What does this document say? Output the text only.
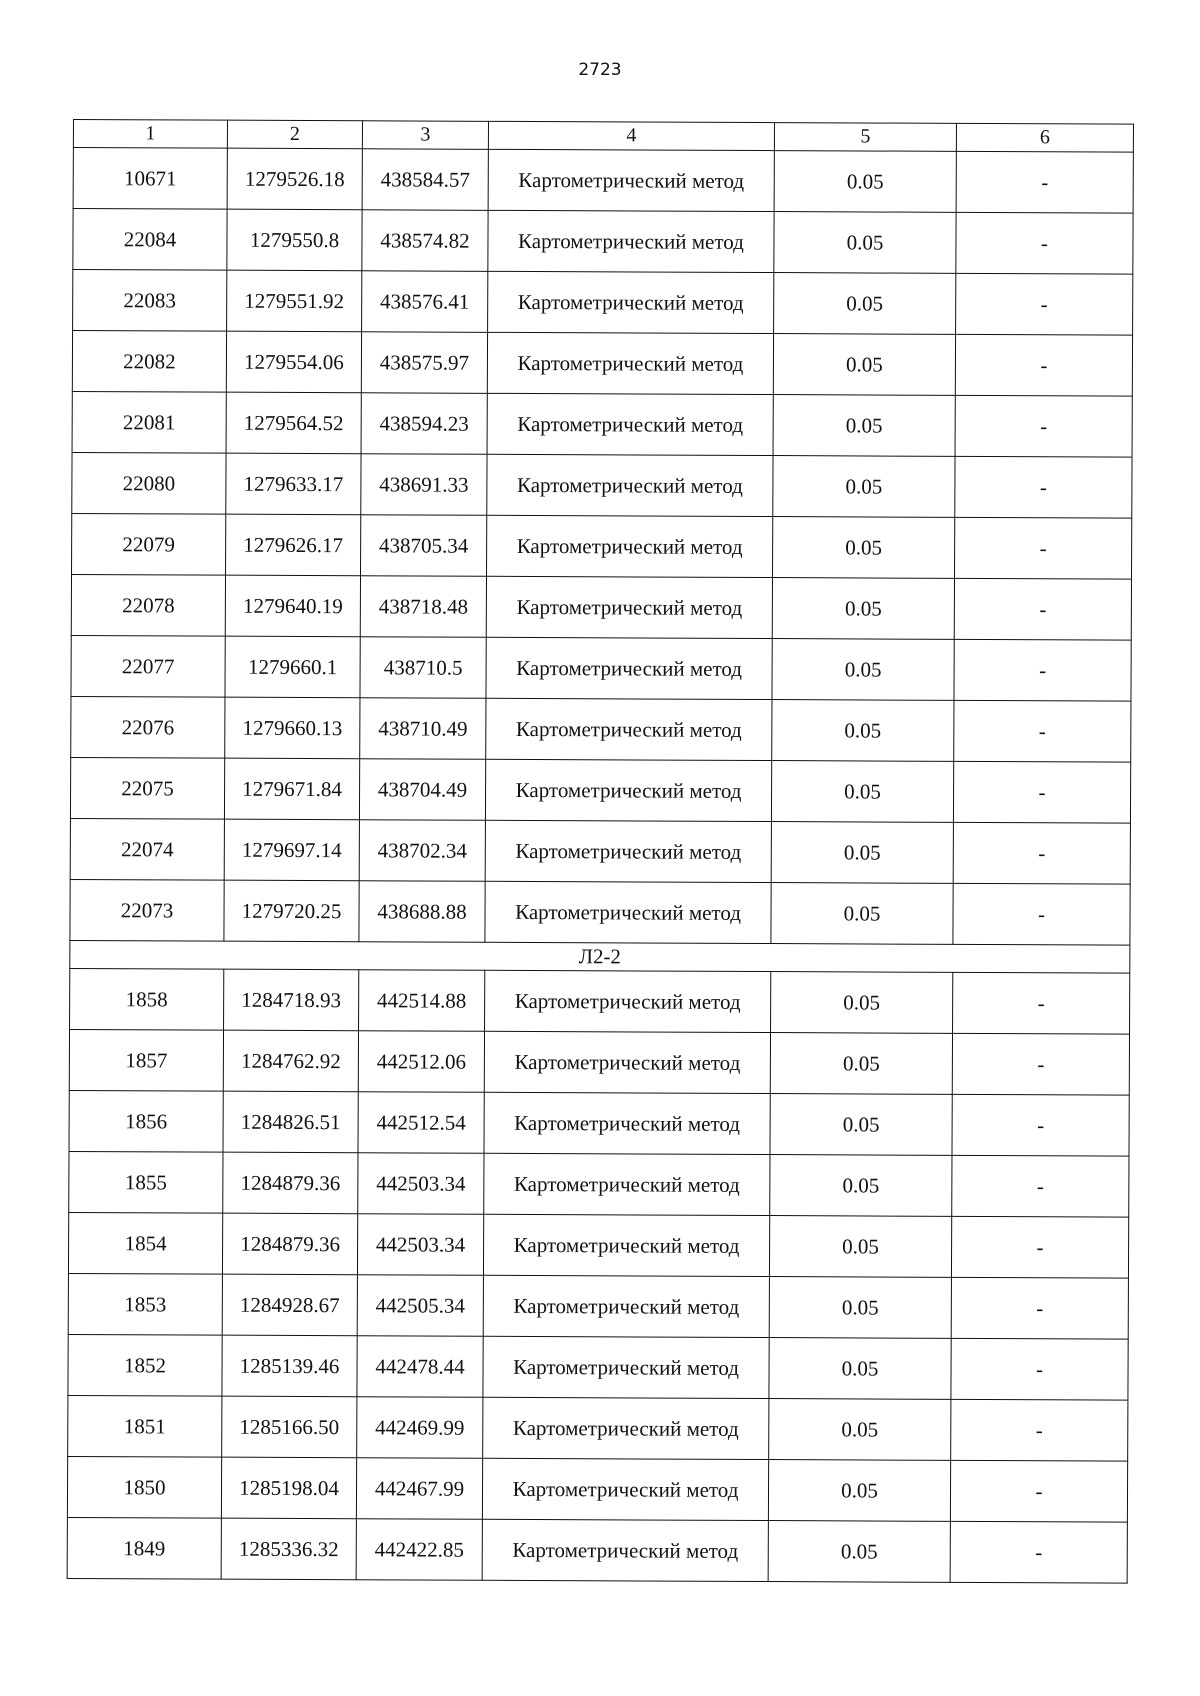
2723
1	2	3	4	5	6
10671	1279526.18	438584.57	Картометрический метод	0.05	-
22084	1279550.8	438574.82	Картометрический метод	0.05	-
22083	1279551.92	438576.41	Картометрический метод	0.05	-
22082	1279554.06	438575.97	Картометрический метод	0.05	-
22081	1279564.52	438594.23	Картометрический метод	0.05	-
22080	1279633.17	438691.33	Картометрический метод	0.05	-
22079	1279626.17	438705.34	Картометрический метод	0.05	-
22078	1279640.19	438718.48	Картометрический метод	0.05	-
22077	1279660.1	438710.5	Картометрический метод	0.05	-
22076	1279660.13	438710.49	Картометрический метод	0.05	-
22075	1279671.84	438704.49	Картометрический метод	0.05	-
22074	1279697.14	438702.34	Картометрический метод	0.05	-
22073	1279720.25	438688.88	Картометрический метод	0.05	-
Л2-2					
1858	1284718.93	442514.88	Картометрический метод	0.05	-
1857	1284762.92	442512.06	Картометрический метод	0.05	-
1856	1284826.51	442512.54	Картометрический метод	0.05	-
1855	1284879.36	442503.34	Картометрический метод	0.05	-
1854	1284879.36	442503.34	Картометрический метод	0.05	-
1853	1284928.67	442505.34	Картометрический метод	0.05	-
1852	1285139.46	442478.44	Картометрический метод	0.05	-
1851	1285166.50	442469.99	Картометрический метод	0.05	-
1850	1285198.04	442467.99	Картометрический метод	0.05	-
1849	1285336.32	442422.85	Картометрический метод	0.05	-
